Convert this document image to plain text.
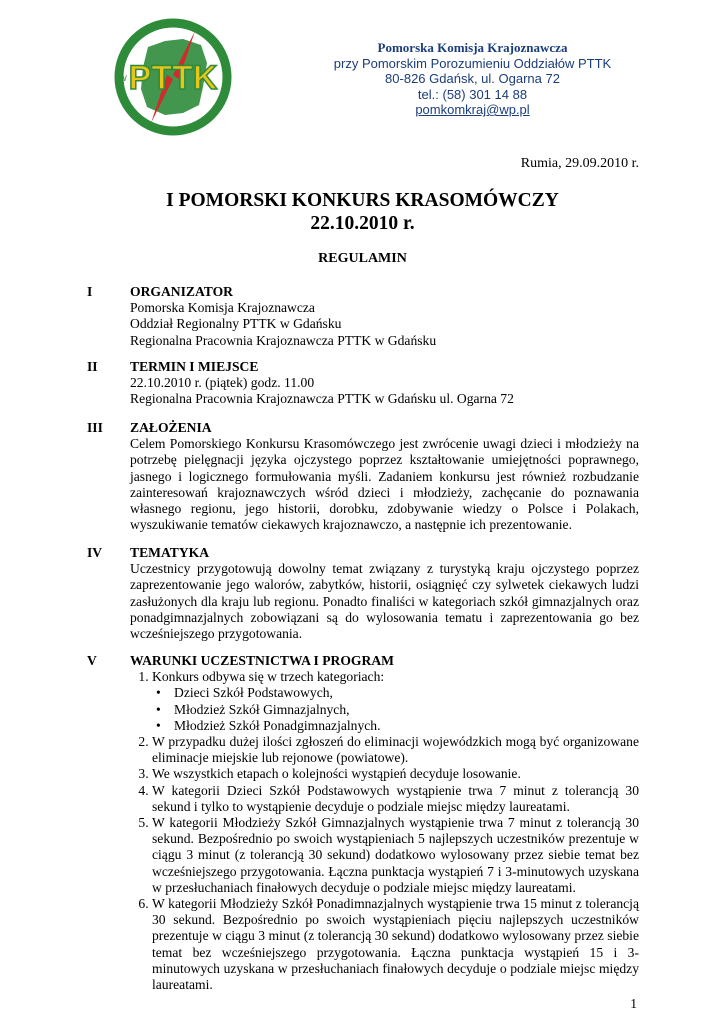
PTTK
N
S
W	E
Pomorska Komisja Krajoznawcza
przy Pomorskim Porozumieniu Oddziałów PTTK
80-826 Gdańsk, ul. Ogarna 72
tel.: (58) 301 14 88
pomkomkraj@wp.pl
Rumia, 29.09.2010 r.
I POMORSKI KONKURS KRASOMÓWCZY
22.10.2010 r.
REGULAMIN
I	ORGANIZATOR
Pomorska Komisja Krajoznawcza
Oddział Regionalny PTTK w Gdańsku
Regionalna Pracownia Krajoznawcza PTTK w Gdańsku
II TERMIN I MIEJSCE
22.10.2010 r. (piątek) godz. 11.00
Regionalna Pracownia Krajoznawcza PTTK w Gdańsku ul. Ogarna 72
III ZAŁOŻENIA
Celem Pomorskiego Konkursu Krasomówczego jest zwrócenie uwagi dzieci i młodzieży na potrzebę pielęgnacji języka ojczystego poprzez kształtowanie umiejętności poprawnego, jasnego i logicznego formułowania myśli. Zadaniem konkursu jest również rozbudzanie zainteresowań krajoznawczych wśród dzieci i młodzieży, zachęcanie do poznawania własnego regionu, jego historii, dorobku, zdobywanie wiedzy o Polsce i Polakach, wyszukiwanie tematów ciekawych krajoznawczo, a następnie ich prezentowanie.
IV TEMATYKA
Uczestnicy przygotowują dowolny temat związany z turystyką kraju ojczystego poprzez zaprezentowanie jego walorów, zabytków, historii, osiągnięć czy sylwetek ciekawych ludzi zasłużonych dla kraju lub regionu. Ponadto finaliści w kategoriach szkół gimnazjalnych oraz ponadgimnazjalnych zobowiązani są do wylosowania tematu i zaprezentowania go bez wcześniejszego przygotowania.
V WARUNKI UCZESTNICTWA I PROGRAM
1. Konkurs odbywa się w trzech kategoriach:
• Dzieci Szkół Podstawowych,
• Młodzież Szkół Gimnazjalnych,
• Młodzież Szkół Ponadgimnazjalnych.
2. W przypadku dużej ilości zgłoszeń do eliminacji wojewódzkich mogą być organizowane eliminacje miejskie lub rejonowe (powiatowe).
3. We wszystkich etapach o kolejności wystąpień decyduje losowanie.
4. W kategorii Dzieci Szkół Podstawowych wystąpienie trwa 7 minut z tolerancją 30 sekund i tylko to wystąpienie decyduje o podziale miejsc między laureatami.
5. W kategorii Młodzieży Szkół Gimnazjalnych wystąpienie trwa 7 minut z tolerancją 30 sekund. Bezpośrednio po swoich wystąpieniach 5 najlepszych uczestników prezentuje w ciągu 3 minut (z tolerancją 30 sekund) dodatkowo wylosowany przez siebie temat bez wcześniejszego przygotowania. Łączna punktacja wystąpień 7 i 3-minutowych uzyskana w przesłuchaniach finałowych decyduje o podziale miejsc między laureatami.
6. W kategorii Młodzieży Szkół Ponadimnazjalnych wystąpienie trwa 15 minut z tolerancją 30 sekund. Bezpośrednio po swoich wystąpieniach pięciu najlepszych uczestników prezentuje w ciągu 3 minut (z tolerancją 30 sekund) dodatkowo wylosowany przez siebie temat bez wcześniejszego przygotowania. Łączna punktacja wystąpień 15 i 3-minutowych uzyskana w przesłuchaniach finałowych decyduje o podziale miejsc między laureatami.
1
